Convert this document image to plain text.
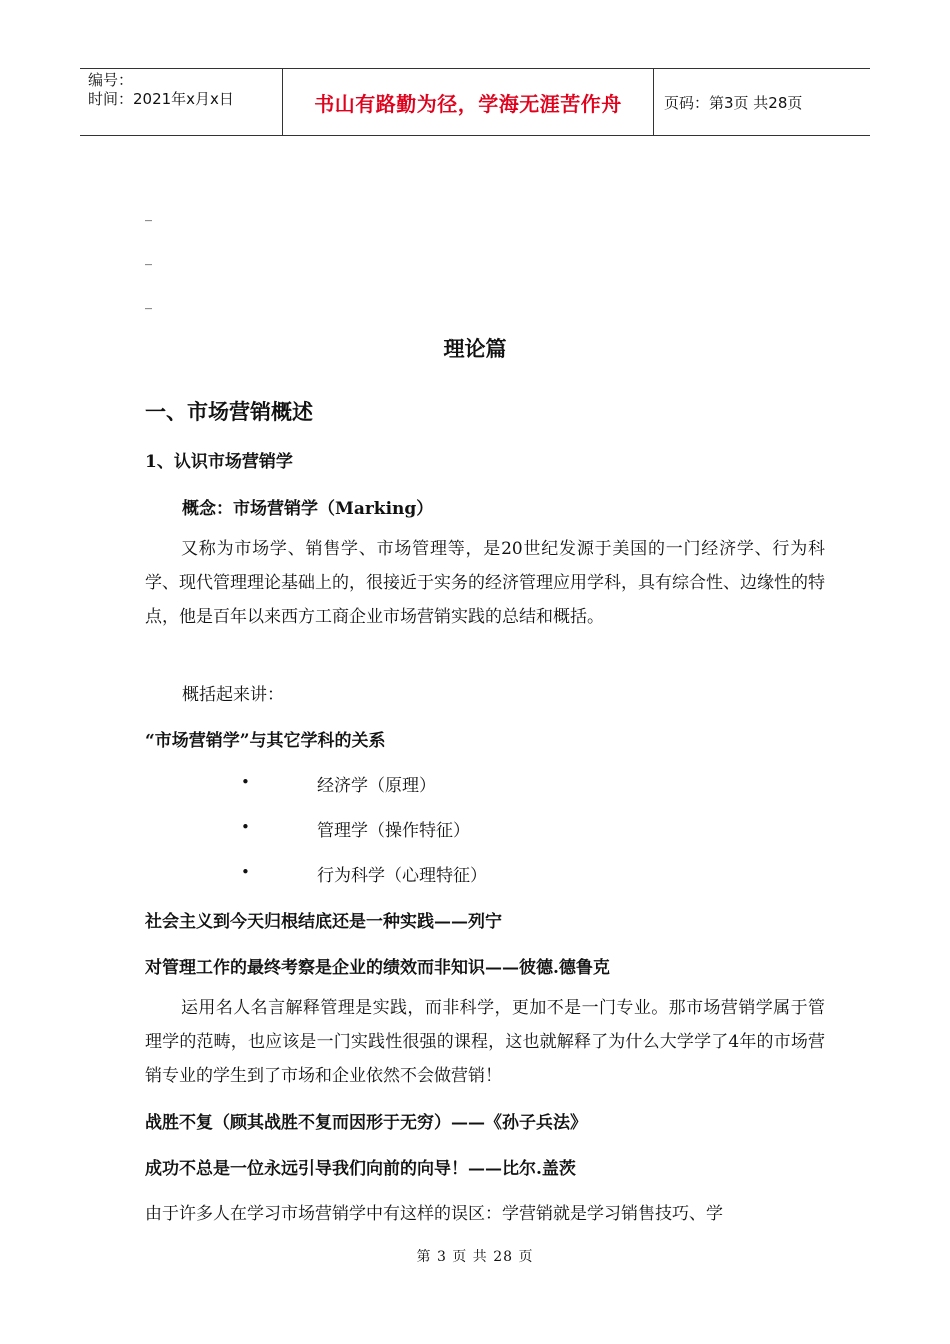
编号：
时间：2021年x月x日	书山有路勤为径，学海无涯苦作舟	页码：第3页 共28页
_
_
_
理论篇
一、市场营销概述
1、认识市场营销学
概念：市场营销学（Marking）
又称为市场学、销售学、市场管理等，是20世纪发源于美国的一门经济学、行为科学、现代管理理论基础上的，很接近于实务的经济管理应用学科，具有综合性、边缘性的特点，他是百年以来西方工商企业市场营销实践的总结和概括。
概括起来讲：
“市场营销学”与其它学科的关系
•	经济学（原理）
•	管理学（操作特征）
•	行为科学（心理特征）
社会主义到今天归根结底还是一种实践——列宁
对管理工作的最终考察是企业的绩效而非知识——彼德.德鲁克
运用名人名言解释管理是实践，而非科学，更加不是一门专业。那市场营销学属于管理学的范畴，也应该是一门实践性很强的课程，这也就解释了为什么大学学了4年的市场营销专业的学生到了市场和企业依然不会做营销！
战胜不复（顾其战胜不复而因形于无穷）——《孙子兵法》
成功不总是一位永远引导我们向前的向导！——比尔.盖茨
由于许多人在学习市场营销学中有这样的误区：学营销就是学习销售技巧、学
第 3 页 共 28 页
